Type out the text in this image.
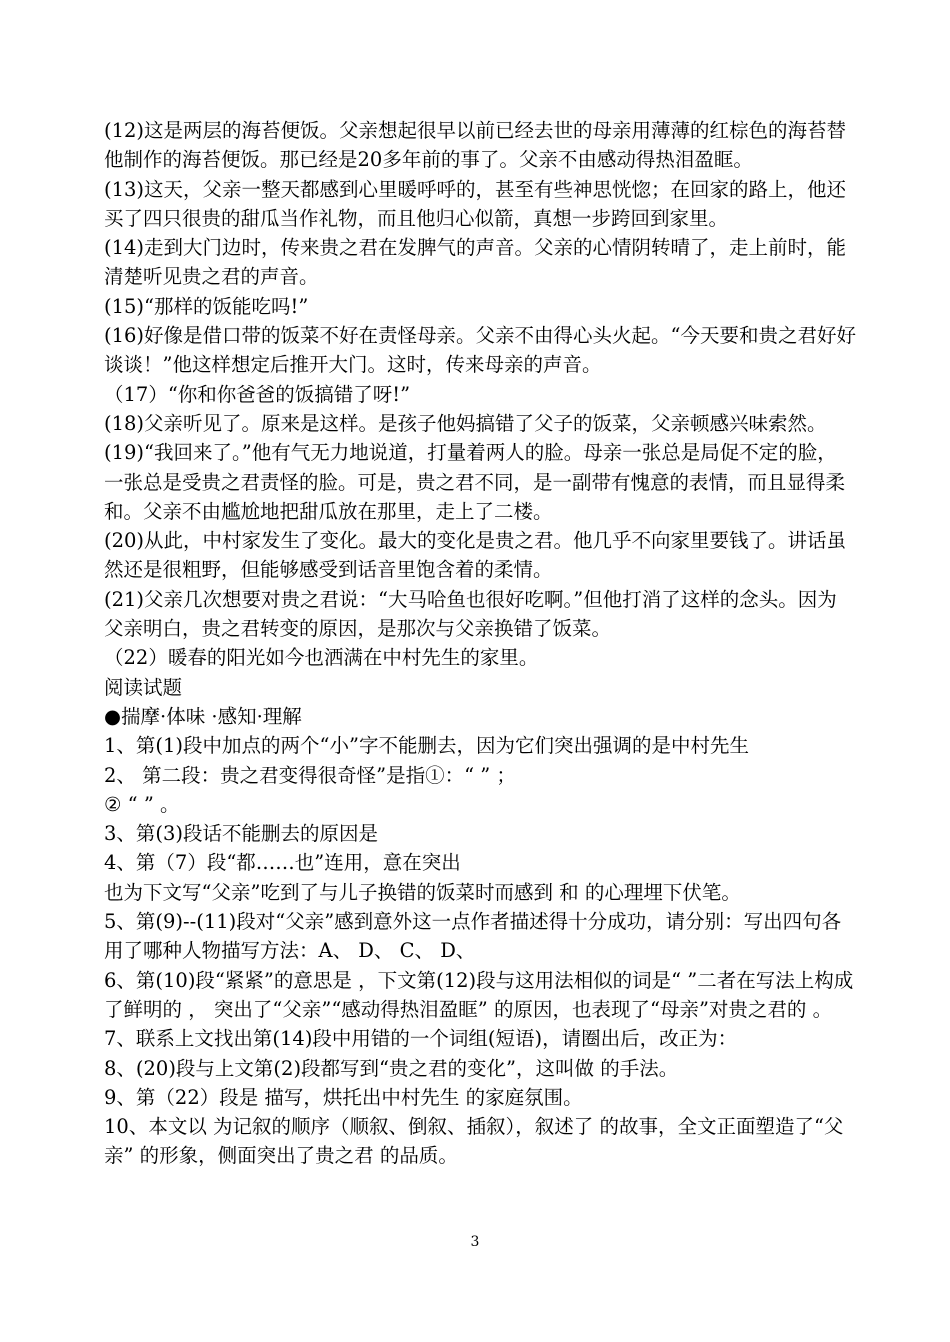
(12)这是两层的海苔便饭。父亲想起很早以前已经去世的母亲用薄薄的红棕色的海苔替他制作的海苔便饭。那已经是20多年前的事了。父亲不由感动得热泪盈眶。

(13)这天，父亲一整天都感到心里暖呼呼的，甚至有些神思恍惚；在回家的路上，他还买了四只很贵的甜瓜当作礼物，而且他归心似箭，真想一步跨回到家里。

(14)走到大门边时，传来贵之君在发脾气的声音。父亲的心情阴转晴了，走上前时，能清楚听见贵之君的声音。

(15)“那样的饭能吃吗!”

(16)好像是借口带的饭菜不好在责怪母亲。父亲不由得心头火起。“今天要和贵之君好好谈谈！”他这样想定后推开大门。这时，传来母亲的声音。

（17）“你和你爸爸的饭搞错了呀!”

(18)父亲听见了。原来是这样。是孩子他妈搞错了父子的饭菜，父亲顿感兴味索然。

(19)“我回来了。”他有气无力地说道，打量着两人的脸。母亲一张总是局促不定的脸，一张总是受贵之君责怪的脸。可是，贵之君不同，是一副带有愧意的表情，而且显得柔和。父亲不由尴尬地把甜瓜放在那里，走上了二楼。

(20)从此，中村家发生了变化。最大的变化是贵之君。他几乎不向家里要钱了。讲话虽然还是很粗野，但能够感受到话音里饱含着的柔情。

(21)父亲几次想要对贵之君说：“大马哈鱼也很好吃啊。”但他打消了这样的念头。因为父亲明白，贵之君转变的原因，是那次与父亲换错了饭菜。

（22）暖春的阳光如今也洒满在中村先生的家里。

阅读试题

●揣摩·体味 ·感知·理解

1、第(1)段中加点的两个“小”字不能删去，因为它们突出强调的是中村先生

2、 第二段：贵之君变得很奇怪”是指①：“ ” ；

② “ ” 。

3、第(3)段话不能删去的原因是

4、第（7）段“都……也”连用，意在突出

也为下文写“父亲”吃到了与儿子换错的饭菜时而感到 和 的心理埋下伏笔。

5、第(9)--(11)段对“父亲”感到意外这一点作者描述得十分成功，请分别：写出四句各用了哪种人物描写方法：A、 D、 C、 D、

6、第(10)段“紧紧”的意思是 ，下文第(12)段与这用法相似的词是“ ”二者在写法上构成了鲜明的 ， 突出了“父亲”“感动得热泪盈眶” 的原因，也表现了“母亲”对贵之君的 。

7、联系上文找出第(14)段中用错的一个词组(短语)，请圈出后，改正为：

8、(20)段与上文第(2)段都写到“贵之君的变化”，这叫做 的手法。

9、第（22）段是 描写，烘托出中村先生 的家庭氛围。

10、本文以 为记叙的顺序（顺叙、倒叙、插叙），叙述了 的故事，全文正面塑造了“父亲” 的形象，侧面突出了贵之君 的品质。

3
